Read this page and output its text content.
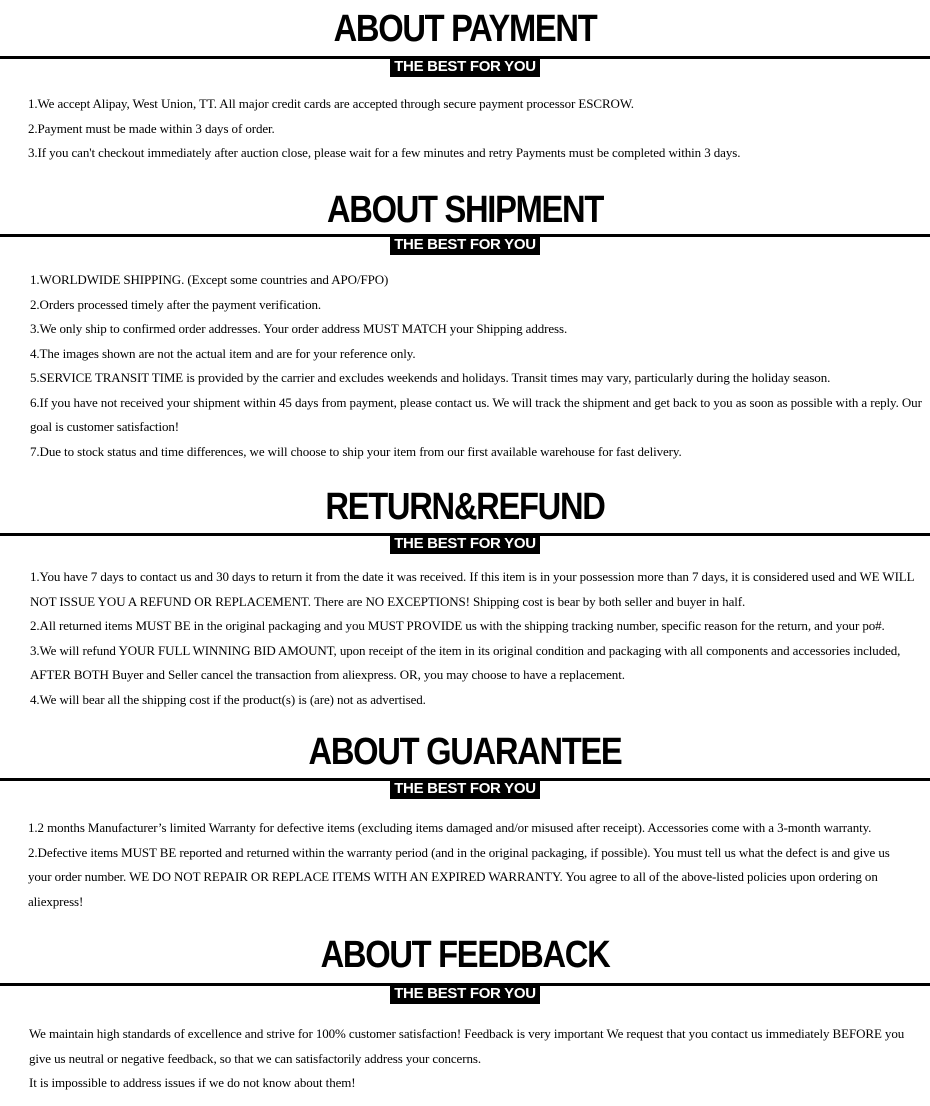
ABOUT PAYMENT
THE BEST FOR YOU
1.We accept Alipay, West Union, TT. All major credit cards are accepted through secure payment processor ESCROW.
2.Payment must be made within 3 days of order.
3.If you can't checkout immediately after auction close, please wait for a few minutes and retry Payments must be completed within 3 days.
ABOUT SHIPMENT
THE BEST FOR YOU
1.WORLDWIDE SHIPPING. (Except some countries and APO/FPO)
2.Orders processed timely after the payment verification.
3.We only ship to confirmed order addresses. Your order address MUST MATCH your Shipping address.
4.The images shown are not the actual item and are for your reference only.
5.SERVICE TRANSIT TIME is provided by the carrier and excludes weekends and holidays. Transit times may vary, particularly during the holiday season.
6.If you have not received your shipment within 45 days from payment, please contact us. We will track the shipment and get back to you as soon as possible with a reply. Our goal is customer satisfaction!
7.Due to stock status and time differences, we will choose to ship your item from our first available warehouse for fast delivery.
RETURN&REFUND
THE BEST FOR YOU
1.You have 7 days to contact us and 30 days to return it from the date it was received. If this item is in your possession more than 7 days, it is considered used and WE WILL NOT ISSUE YOU A REFUND OR REPLACEMENT. There are NO EXCEPTIONS! Shipping cost is bear by both seller and buyer in half.
2.All returned items MUST BE in the original packaging and you MUST PROVIDE us with the shipping tracking number, specific reason for the return, and your po#.
3.We will refund YOUR FULL WINNING BID AMOUNT, upon receipt of the item in its original condition and packaging with all components and accessories included, AFTER BOTH Buyer and Seller cancel the transaction from aliexpress. OR, you may choose to have a replacement.
4.We will bear all the shipping cost if the product(s) is (are) not as advertised.
ABOUT GUARANTEE
THE BEST FOR YOU
1.2 months Manufacturer’s limited Warranty for defective items (excluding items damaged and/or misused after receipt). Accessories come with a 3-month warranty.
2.Defective items MUST BE reported and returned within the warranty period (and in the original packaging, if possible). You must tell us what the defect is and give us your order number. WE DO NOT REPAIR OR REPLACE ITEMS WITH AN EXPIRED WARRANTY. You agree to all of the above-listed policies upon ordering on aliexpress!
ABOUT FEEDBACK
THE BEST FOR YOU
We maintain high standards of excellence and strive for 100% customer satisfaction! Feedback is very important We request that you contact us immediately BEFORE you give us neutral or negative feedback, so that we can satisfactorily address your concerns.
It is impossible to address issues if we do not know about them!
